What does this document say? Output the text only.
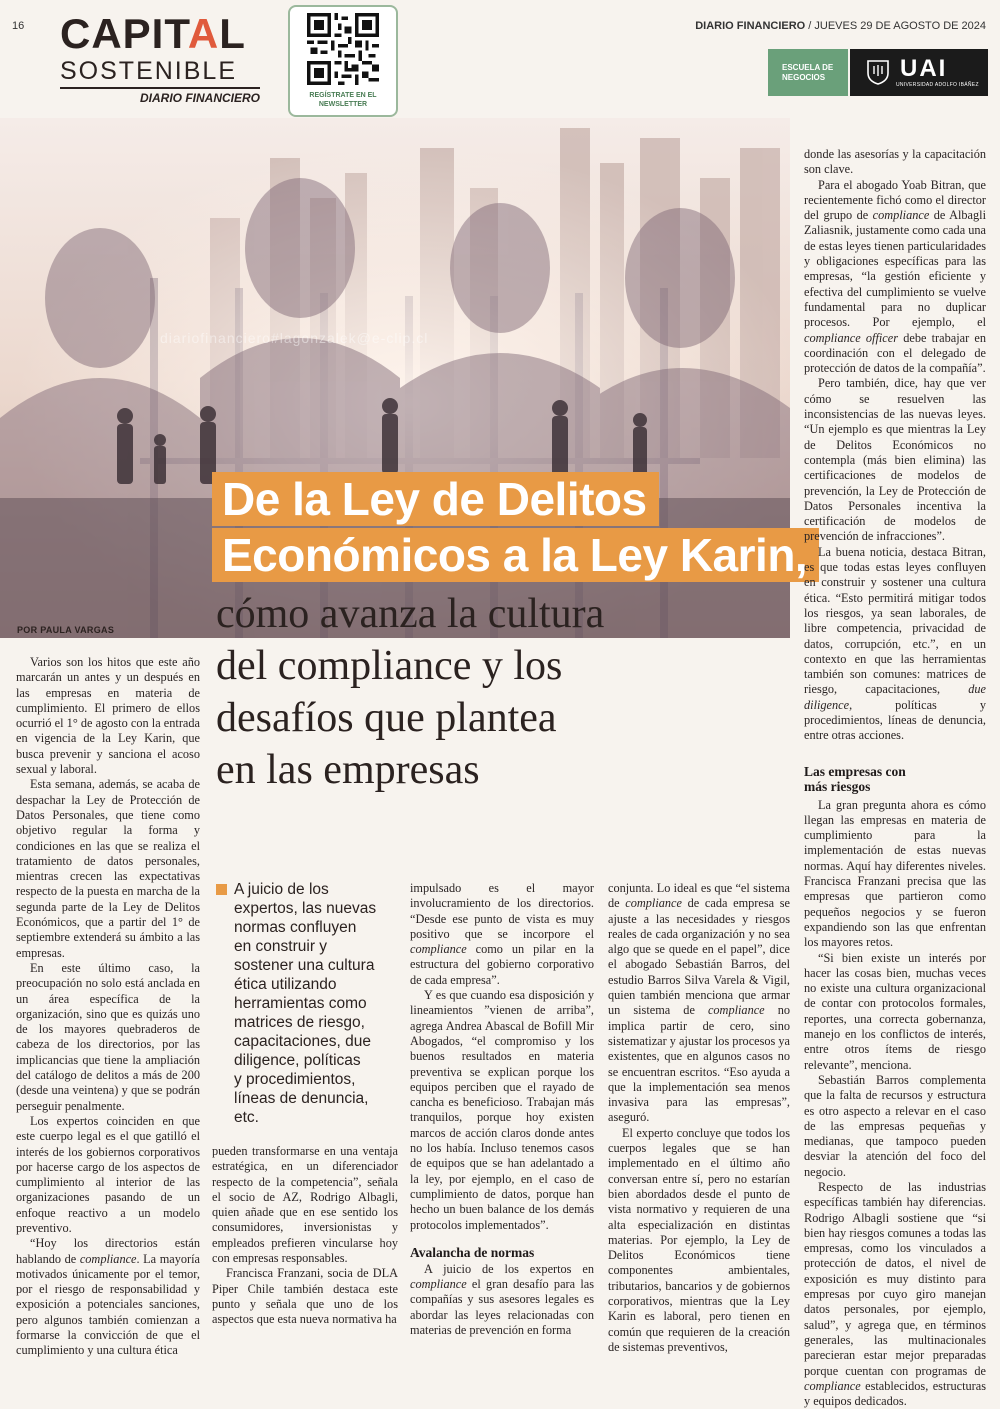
16 CAPITAL
SOSTENIBLE
DIARIO FINANCIERO	REGÍSTRATE EN EL
NEWSLETTER
DIARIO FINANCIERO / JUEVES 29 DE AGOSTO DE 2024
ESCUELA DE
NEGOCIOS	UAI
UNIVERSIDAD ADOLFO IBÁÑEZ
diariofinanciero#lagonzalek@e-clip.cl
POR PAULA VARGAS
De la Ley de Delitos
Económicos a la Ley Karin,
cómo avanza la cultura
del compliance y los
desafíos que plantea
en las empresas

Varios son los hitos que este año marcarán un antes y un después en las empresas en materia de cumplimiento. El primero de ellos ocurrió el 1° de agosto con la entrada en vigencia de la Ley Karin, que busca prevenir y sanciona el acoso sexual y laboral.

Esta semana, además, se acaba de despachar la Ley de Protección de Datos Personales, que tiene como objetivo regular la forma y condiciones en las que se realiza el tratamiento de datos personales, mientras crecen las expectativas respecto de la puesta en marcha de la segunda parte de la Ley de Delitos Económicos, que a partir del 1° de septiembre extenderá su ámbito a las empresas.

En este último caso, la preocupación no solo está anclada en un área específica de la organización, sino que es quizás uno de los mayores quebraderos de cabeza de los directorios, por las implicancias que tiene la ampliación del catálogo de delitos a más de 200 (desde una veintena) y que se podrán perseguir penalmente.

Los expertos coinciden en que este cuerpo legal es el que gatilló el interés de los gobiernos corporativos por hacerse cargo de los aspectos de cumplimiento al interior de las organizaciones pasando de un enfoque reactivo a un modelo preventivo.

“Hoy los directorios están hablando de compliance. La mayoría motivados únicamente por el temor, por el riesgo de responsabilidad y exposición a potenciales sanciones, pero algunos también comienzan a formarse la convicción de que el cumplimiento y una cultura ética

A juicio de los
expertos, las nuevas
normas confluyen
en construir y
sostener una cultura
ética utilizando
herramientas como
matrices de riesgo,
capacitaciones, due
diligence, políticas
y procedimientos,
líneas de denuncia,
etc.

pueden transformarse en una ventaja estratégica, en un diferenciador respecto de la competencia”, señala el socio de AZ, Rodrigo Albagli, quien añade que en ese sentido los consumidores, inversionistas y empleados prefieren vincularse hoy con empresas responsables.

Francisca Franzani, socia de DLA Piper Chile también destaca este punto y señala que uno de los aspectos que esta nueva normativa ha

impulsado es el mayor involucramiento de los directorios. “Desde ese punto de vista es muy positivo que se incorpore el compliance como un pilar en la estructura del gobierno corporativo de cada empresa”.

Y es que cuando esa disposición y lineamientos ”vienen de arriba”, agrega Andrea Abascal de Bofill Mir Abogados, “el compromiso y los buenos resultados en materia preventiva se explican porque los equipos perciben que el rayado de cancha es beneficioso. Trabajan más tranquilos, porque hoy existen marcos de acción claros donde antes no los había. Incluso tenemos casos de equipos que se han adelantado a la ley, por ejemplo, en el caso de cumplimiento de datos, porque han hecho un buen balance de los demás protocolos implementados”.

Avalancha de normas

A juicio de los expertos en compliance el gran desafío para las compañías y sus asesores legales es abordar las leyes relacionadas con materias de prevención en forma

conjunta. Lo ideal es que “el sistema de compliance de cada empresa se ajuste a las necesidades y riesgos reales de cada organización y no sea algo que se quede en el papel”, dice el abogado Sebastián Barros, del estudio Barros Silva Varela & Vigil, quien también menciona que armar un sistema de compliance no implica partir de cero, sino sistematizar y ajustar los procesos ya existentes, que en algunos casos no se encuentran escritos. “Eso ayuda a que la implementación sea menos invasiva para las empresas”, aseguró.

El experto concluye que todos los cuerpos legales que se han implementado en el último año conversan entre sí, pero no estarían bien abordados desde el punto de vista normativo y requieren de una alta especialización en distintas materias. Por ejemplo, la Ley de Delitos Económicos tiene componentes ambientales, tributarios, bancarios y de gobiernos corporativos, mientras que la Ley Karin es laboral, pero tienen en común que requieren de la creación de sistemas preventivos,

donde las asesorías y la capacitación son clave.

Para el abogado Yoab Bitran, que recientemente fichó como el director del grupo de compliance de Albagli Zaliasnik, justamente como cada una de estas leyes tienen particularidades y obligaciones específicas para las empresas, “la gestión eficiente y efectiva del cumplimiento se vuelve fundamental para no duplicar procesos. Por ejemplo, el compliance officer debe trabajar en coordinación con el delegado de protección de datos de la compañía”.

Pero también, dice, hay que ver cómo se resuelven las inconsistencias de las nuevas leyes. “Un ejemplo es que mientras la Ley de Delitos Económicos no contempla (más bien elimina) las certificaciones de modelos de prevención, la Ley de Protección de Datos Personales incentiva la certificación de modelos de prevención de infracciones”.

La buena noticia, destaca Bitran, es que todas estas leyes confluyen en construir y sostener una cultura ética. “Esto permitirá mitigar todos los riesgos, ya sean laborales, de libre competencia, privacidad de datos, corrupción, etc.”, en un contexto en que las herramientas también son comunes: matrices de riesgo, capacitaciones, due diligence, políticas y procedimientos, líneas de denuncia, entre otras acciones.

Las empresas con
más riesgos

La gran pregunta ahora es cómo llegan las empresas en materia de cumplimiento para la implementación de estas nuevas normas. Aquí hay diferentes niveles. Francisca Franzani precisa que las empresas que partieron como pequeños negocios y se fueron expandiendo son las que enfrentan los mayores retos.

“Si bien existe un interés por hacer las cosas bien, muchas veces no existe una cultura organizacional de contar con protocolos formales, reportes, una correcta gobernanza, manejo en los conflictos de interés, entre otros ítems de riesgo relevante”, menciona.

Sebastián Barros complementa que la falta de recursos y estructura es otro aspecto a relevar en el caso de las empresas pequeñas y medianas, que tampoco pueden desviar la atención del foco del negocio.

Respecto de las industrias específicas también hay diferencias. Rodrigo Albagli sostiene que “si bien hay riesgos comunes a todas las empresas, como los vinculados a protección de datos, el nivel de exposición es muy distinto para empresas por cuyo giro manejan datos personales, por ejemplo, salud”, y agrega que, en términos generales, las multinacionales parecieran estar mejor preparadas porque cuentan con programas de compliance establecidos, estructuras y equipos dedicados.
